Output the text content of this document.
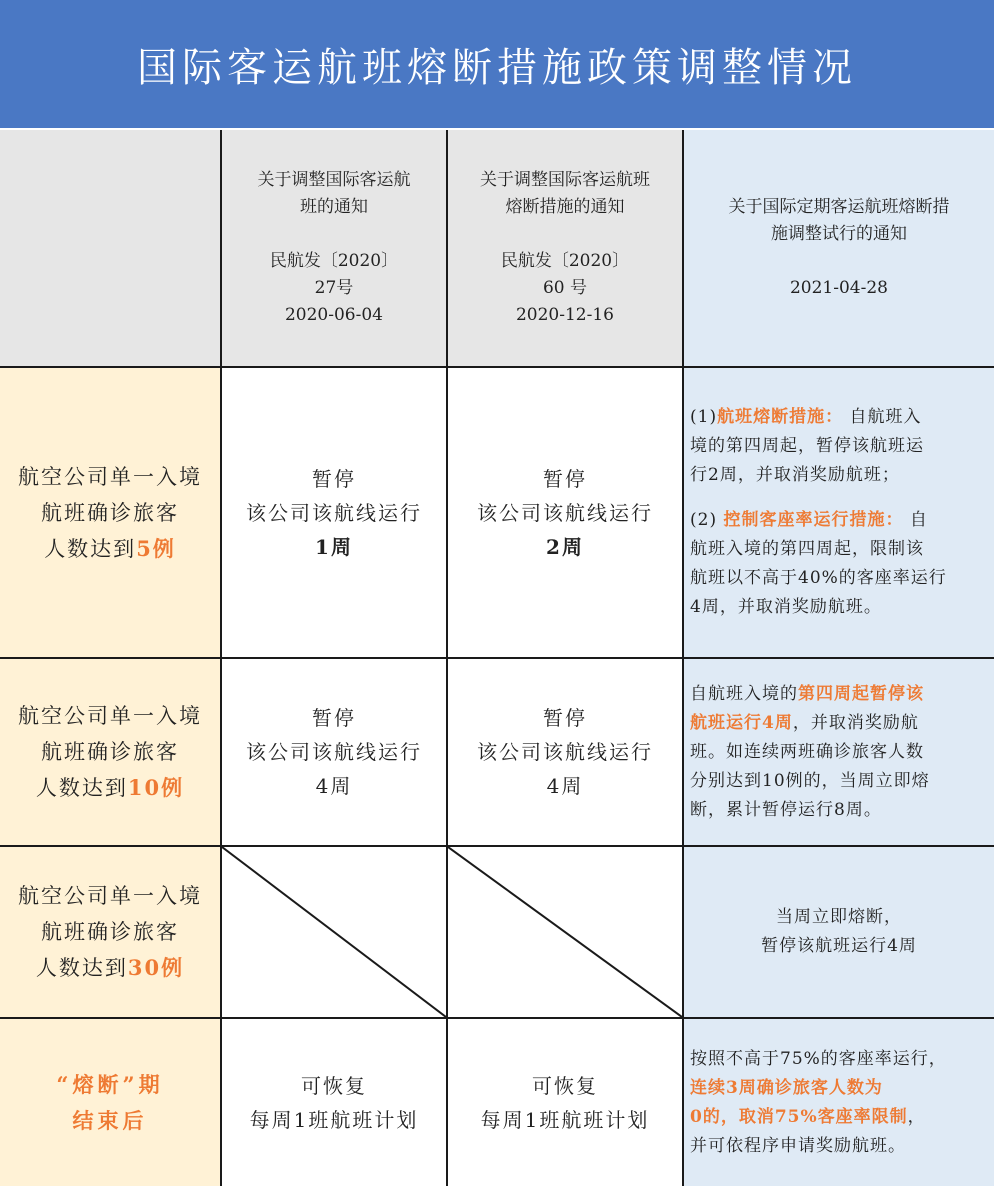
国际客运航班熔断措施政策调整情况

关于调整国际客运航

班的通知

民航发〔2020〕

27号

2020-06-04

关于调整国际客运航班

熔断措施的通知

民航发〔2020〕

60 号

2020-12-16

关于国际定期客运航班熔断措

施调整试行的通知

2021-04-28

航空公司单一入境
航班确诊旅客
人数达到5例
暂停
该公司该航线运行
1周
暂停
该公司该航线运行
2周

(1)航班熔断措施： 自航班入

境的第四周起，暂停该航班运

行2周，并取消奖励航班；

(2) 控制客座率运行措施： 自

航班入境的第四周起，限制该

航班以不高于40%的客座率运行

4周，并取消奖励航班。

航空公司单一入境
航班确诊旅客
人数达到10例
暂停
该公司该航线运行
4周
暂停
该公司该航线运行
4周

自航班入境的第四周起暂停该

航班运行4周，并取消奖励航

班。如连续两班确诊旅客人数

分别达到10例的，当周立即熔

断，累计暂停运行8周。

航空公司单一入境
航班确诊旅客
人数达到30例

当周立即熔断，

暂停该航班运行4周

“熔断”期
结束后
可恢复
每周1班航班计划
可恢复
每周1班航班计划

按照不高于75%的客座率运行，

连续3周确诊旅客人数为

0的，取消75%客座率限制，

并可依程序申请奖励航班。
